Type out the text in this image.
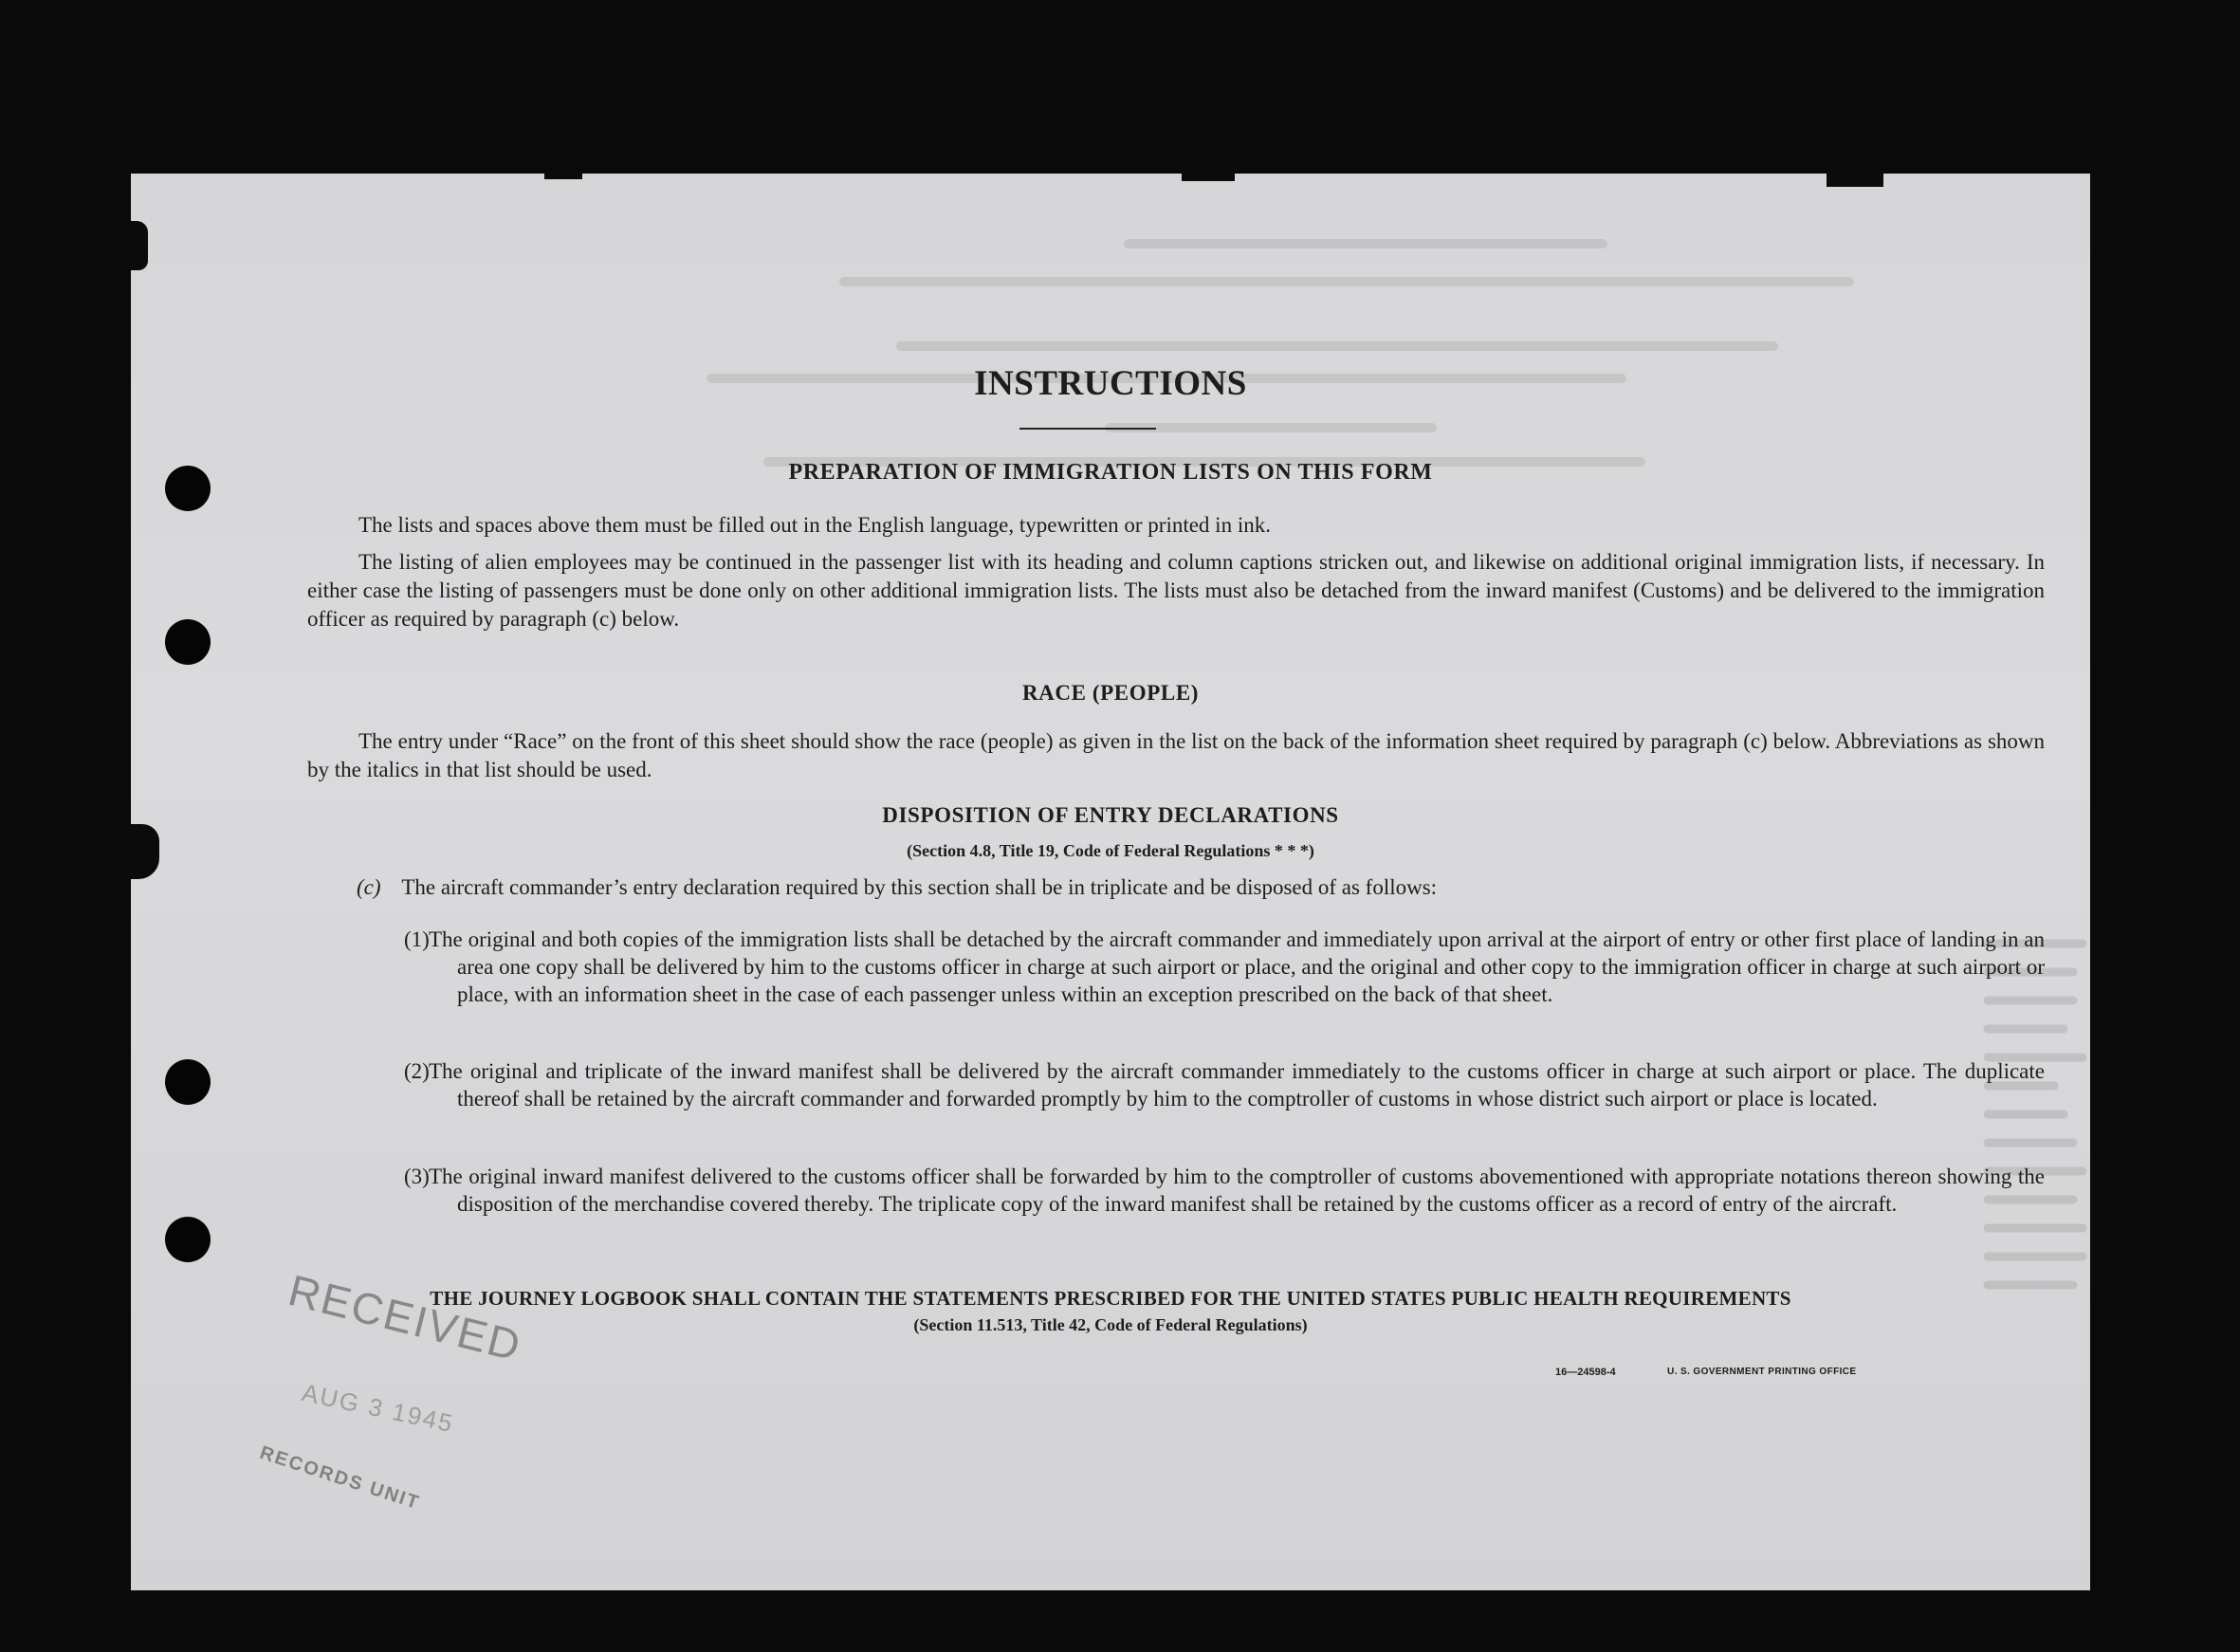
INSTRUCTIONS
PREPARATION OF IMMIGRATION LISTS ON THIS FORM

The lists and spaces above them must be filled out in the English language, typewritten or printed in ink.

The listing of alien employees may be continued in the passenger list with its heading and column captions stricken out, and likewise on additional original immigration lists, if necessary. In either case the listing of passengers must be done only on other additional immigration lists. The lists must also be detached from the inward manifest (Customs) and be delivered to the immigration officer as required by paragraph (c) below.

RACE (PEOPLE)

The entry under “Race” on the front of this sheet should show the race (people) as given in the list on the back of the information sheet required by paragraph (c) below. Abbreviations as shown by the italics in that list should be used.

DISPOSITION OF ENTRY DECLARATIONS
(Section 4.8, Title 19, Code of Federal Regulations * * *)

(c) The aircraft commander’s entry declaration required by this section shall be in triplicate and be disposed of as follows:

(1) The original and both copies of the immigration lists shall be detached by the aircraft commander and immediately upon arrival at the airport of entry or other first place of landing in an area one copy shall be delivered by him to the customs officer in charge at such airport or place, and the original and other copy to the immigration officer in charge at such airport or place, with an information sheet in the case of each passenger unless within an exception prescribed on the back of that sheet.
(2) The original and triplicate of the inward manifest shall be delivered by the aircraft commander immediately to the customs officer in charge at such airport or place. The duplicate thereof shall be retained by the aircraft commander and forwarded promptly by him to the comptroller of customs in whose district such airport or place is located.
(3) The original inward manifest delivered to the customs officer shall be forwarded by him to the comptroller of customs abovementioned with appropriate notations thereon showing the disposition of the merchandise covered thereby. The triplicate copy of the inward manifest shall be retained by the customs officer as a record of entry of the aircraft.
THE JOURNEY LOGBOOK SHALL CONTAIN THE STATEMENTS PRESCRIBED FOR THE UNITED STATES PUBLIC HEALTH REQUIREMENTS
(Section 11.513, Title 42, Code of Federal Regulations)
16—24598-4	U. S. GOVERNMENT PRINTING OFFICE
RECEIVED
AUG 3 1945
RECORDS UNIT
